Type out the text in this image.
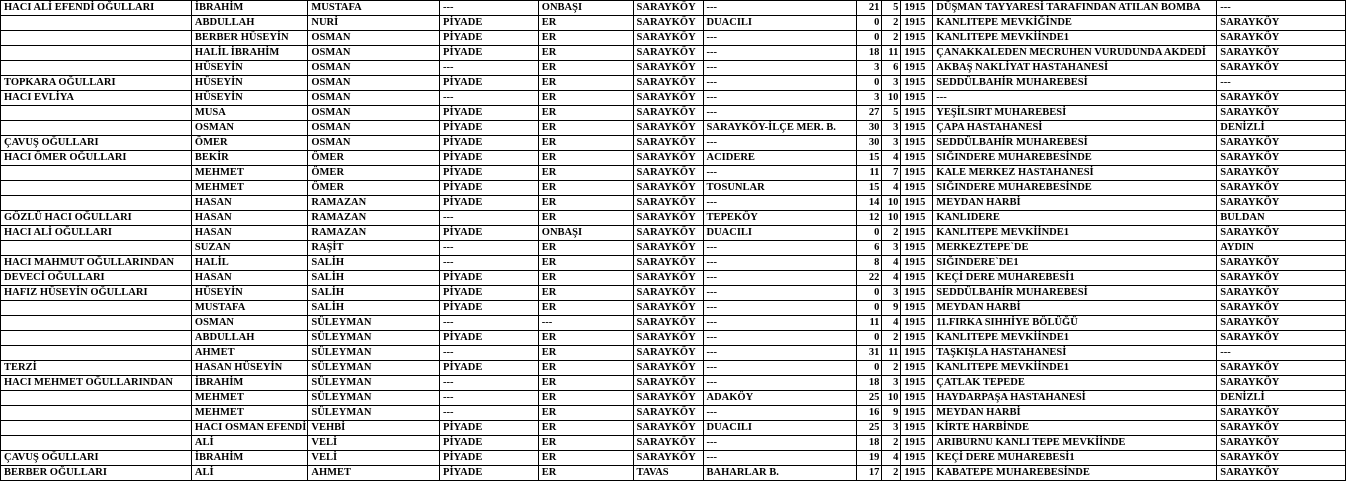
HACI ALİ EFENDİ OĞULLARI	İBRAHİM	MUSTAFA	---	ONBAŞI	SARAYKÖY	---	21	5	1915	DÜŞMAN TAYYARESİ TARAFINDAN ATILAN BOMBA	---
	ABDULLAH	NURİ	PİYADE	ER	SARAYKÖY	DUACILI	0	2	1915	KANLITEPE MEVKİĞİNDE	SARAYKÖY
	BERBER HÜSEYİN	OSMAN	PİYADE	ER	SARAYKÖY	---	0	2	1915	KANLITEPE MEVKİİNDE1	SARAYKÖY
	HALİL İBRAHİM	OSMAN	PİYADE	ER	SARAYKÖY	---	18	11	1915	ÇANAKKALEDEN MECRUHEN VURUDUNDA AKDEDİ	SARAYKÖY
	HÜSEYİN	OSMAN	---	ER	SARAYKÖY	---	3	6	1915	AKBAŞ NAKLİYAT HASTAHANESİ	SARAYKÖY
TOPKARA OĞULLARI	HÜSEYİN	OSMAN	PİYADE	ER	SARAYKÖY	---	0	3	1915	SEDDÜLBAHİR MUHAREBESİ	---
HACI EVLİYA	HÜSEYİN	OSMAN	---	ER	SARAYKÖY	---	3	10	1915	---	SARAYKÖY
	MUSA	OSMAN	PİYADE	ER	SARAYKÖY	---	27	5	1915	YEŞİLSIRT MUHAREBESİ	SARAYKÖY
	OSMAN	OSMAN	PİYADE	ER	SARAYKÖY	SARAYKÖY-İLÇE MER. B.	30	3	1915	ÇAPA HASTAHANESİ	DENİZLİ
ÇAVUŞ OĞULLARI	ÖMER	OSMAN	PİYADE	ER	SARAYKÖY	---	30	3	1915	SEDDÜLBAHİR MUHAREBESİ	SARAYKÖY
HACI ÖMER OĞULLARI	BEKİR	ÖMER	PİYADE	ER	SARAYKÖY	ACIDERE	15	4	1915	SIĞINDERE MUHAREBESİNDE	SARAYKÖY
	MEHMET	ÖMER	PİYADE	ER	SARAYKÖY	---	11	7	1915	KALE MERKEZ HASTAHANESİ	SARAYKÖY
	MEHMET	ÖMER	PİYADE	ER	SARAYKÖY	TOSUNLAR	15	4	1915	SIĞINDERE MUHAREBESİNDE	SARAYKÖY
	HASAN	RAMAZAN	PİYADE	ER	SARAYKÖY	---	14	10	1915	MEYDAN HARBİ	SARAYKÖY
GÖZLÜ HACI OĞULLARI	HASAN	RAMAZAN	---	ER	SARAYKÖY	TEPEKÖY	12	10	1915	KANLIDERE	BULDAN
HACI ALİ OĞULLARI	HASAN	RAMAZAN	PİYADE	ONBAŞI	SARAYKÖY	DUACILI	0	2	1915	KANLITEPE MEVKİİNDE1	SARAYKÖY
	SUZAN	RAŞİT	---	ER	SARAYKÖY	---	6	3	1915	MERKEZTEPE`DE	AYDIN
HACI MAHMUT OĞULLARINDAN	HALİL	SALİH	---	ER	SARAYKÖY	---	8	4	1915	SIĞINDERE`DE1	SARAYKÖY
DEVECİ OĞULLARI	HASAN	SALİH	PİYADE	ER	SARAYKÖY	---	22	4	1915	KEÇİ DERE MUHAREBESİ1	SARAYKÖY
HAFIZ HÜSEYİN OĞULLARI	HÜSEYİN	SALİH	PİYADE	ER	SARAYKÖY	---	0	3	1915	SEDDÜLBAHİR MUHAREBESİ	SARAYKÖY
	MUSTAFA	SALİH	PİYADE	ER	SARAYKÖY	---	0	9	1915	MEYDAN HARBİ	SARAYKÖY
	OSMAN	SÜLEYMAN	---	---	SARAYKÖY	---	11	4	1915	11.FIRKA SIHHİYE BÖLÜĞÜ	SARAYKÖY
	ABDULLAH	SÜLEYMAN	PİYADE	ER	SARAYKÖY	---	0	2	1915	KANLITEPE MEVKİİNDE1	SARAYKÖY
	AHMET	SÜLEYMAN	---	ER	SARAYKÖY	---	31	11	1915	TAŞKIŞLA HASTAHANESİ	---
TERZİ	HASAN HÜSEYİN	SÜLEYMAN	PİYADE	ER	SARAYKÖY	---	0	2	1915	KANLITEPE MEVKİİNDE1	SARAYKÖY
HACI MEHMET OĞULLARINDAN	İBRAHİM	SÜLEYMAN	---	ER	SARAYKÖY	---	18	3	1915	ÇATLAK TEPEDE	SARAYKÖY
	MEHMET	SÜLEYMAN	---	ER	SARAYKÖY	ADAKÖY	25	10	1915	HAYDARPAŞA HASTAHANESİ	DENİZLİ
	MEHMET	SÜLEYMAN	---	ER	SARAYKÖY	---	16	9	1915	MEYDAN HARBİ	SARAYKÖY
	HACI OSMAN EFENDİ	VEHBİ	PİYADE	ER	SARAYKÖY	DUACILI	25	3	1915	KİRTE HARBİNDE	SARAYKÖY
	ALİ	VELİ	PİYADE	ER	SARAYKÖY	---	18	2	1915	ARIBURNU KANLI TEPE MEVKİİNDE	SARAYKÖY
ÇAVUŞ OĞULLARI	İBRAHİM	VELİ	PİYADE	ER	SARAYKÖY	---	19	4	1915	KEÇİ DERE MUHAREBESİ1	SARAYKÖY
BERBER OĞULLARI	ALİ	AHMET	PİYADE	ER	TAVAS	BAHARLAR B.	17	2	1915	KABATEPE MUHAREBESİNDE	SARAYKÖY
